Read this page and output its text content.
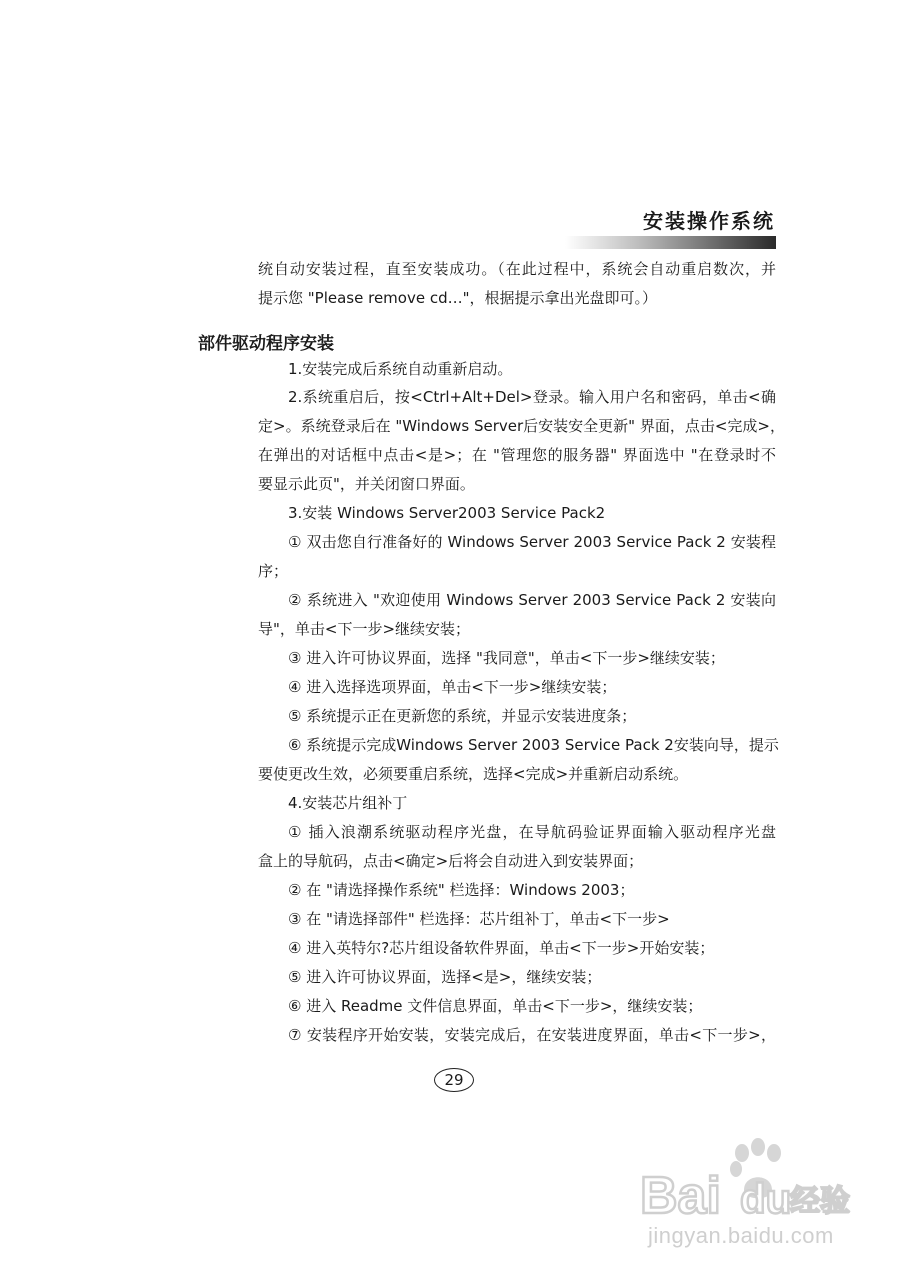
安装操作系统
统自动安装过程，直至安装成功。（在此过程中，系统会自动重启数次，并
提示您 "Please remove cd…"，根据提示拿出光盘即可。）
部件驱动程序安装
1.安装完成后系统自动重新启动。
2.系统重启后，按<Ctrl+Alt+Del>登录。输入用户名和密码，单击<确
定>。系统登录后在 "Windows Server后安装安全更新" 界面，点击<完成>，
在弹出的对话框中点击<是>；在 "管理您的服务器" 界面选中 "在登录时不
要显示此页"，并关闭窗口界面。
3.安装 Windows Server2003 Service Pack2
① 双击您自行准备好的 Windows Server 2003 Service Pack 2 安装程
序；
② 系统进入 "欢迎使用 Windows Server 2003 Service Pack 2 安装向
导"，单击<下一步>继续安装；
③ 进入许可协议界面，选择 "我同意"，单击<下一步>继续安装；
④ 进入选择选项界面，单击<下一步>继续安装；
⑤ 系统提示正在更新您的系统，并显示安装进度条；
⑥ 系统提示完成Windows Server 2003 Service Pack 2安装向导，提示
要使更改生效，必须要重启系统，选择<完成>并重新启动系统。
4.安装芯片组补丁
① 插入浪潮系统驱动程序光盘，在导航码验证界面输入驱动程序光盘
盒上的导航码，点击<确定>后将会自动进入到安装界面；
② 在 "请选择操作系统" 栏选择：Windows 2003；
③ 在 "请选择部件" 栏选择：芯片组补丁，单击<下一步>
④ 进入英特尔?芯片组设备软件界面，单击<下一步>开始安装；
⑤ 进入许可协议界面，选择<是>，继续安装；
⑥ 进入 Readme 文件信息界面，单击<下一步>，继续安装；
⑦ 安装程序开始安装，安装完成后，在安装进度界面，单击<下一步>，
29
Bai du
经验
jingyan.baidu.com
